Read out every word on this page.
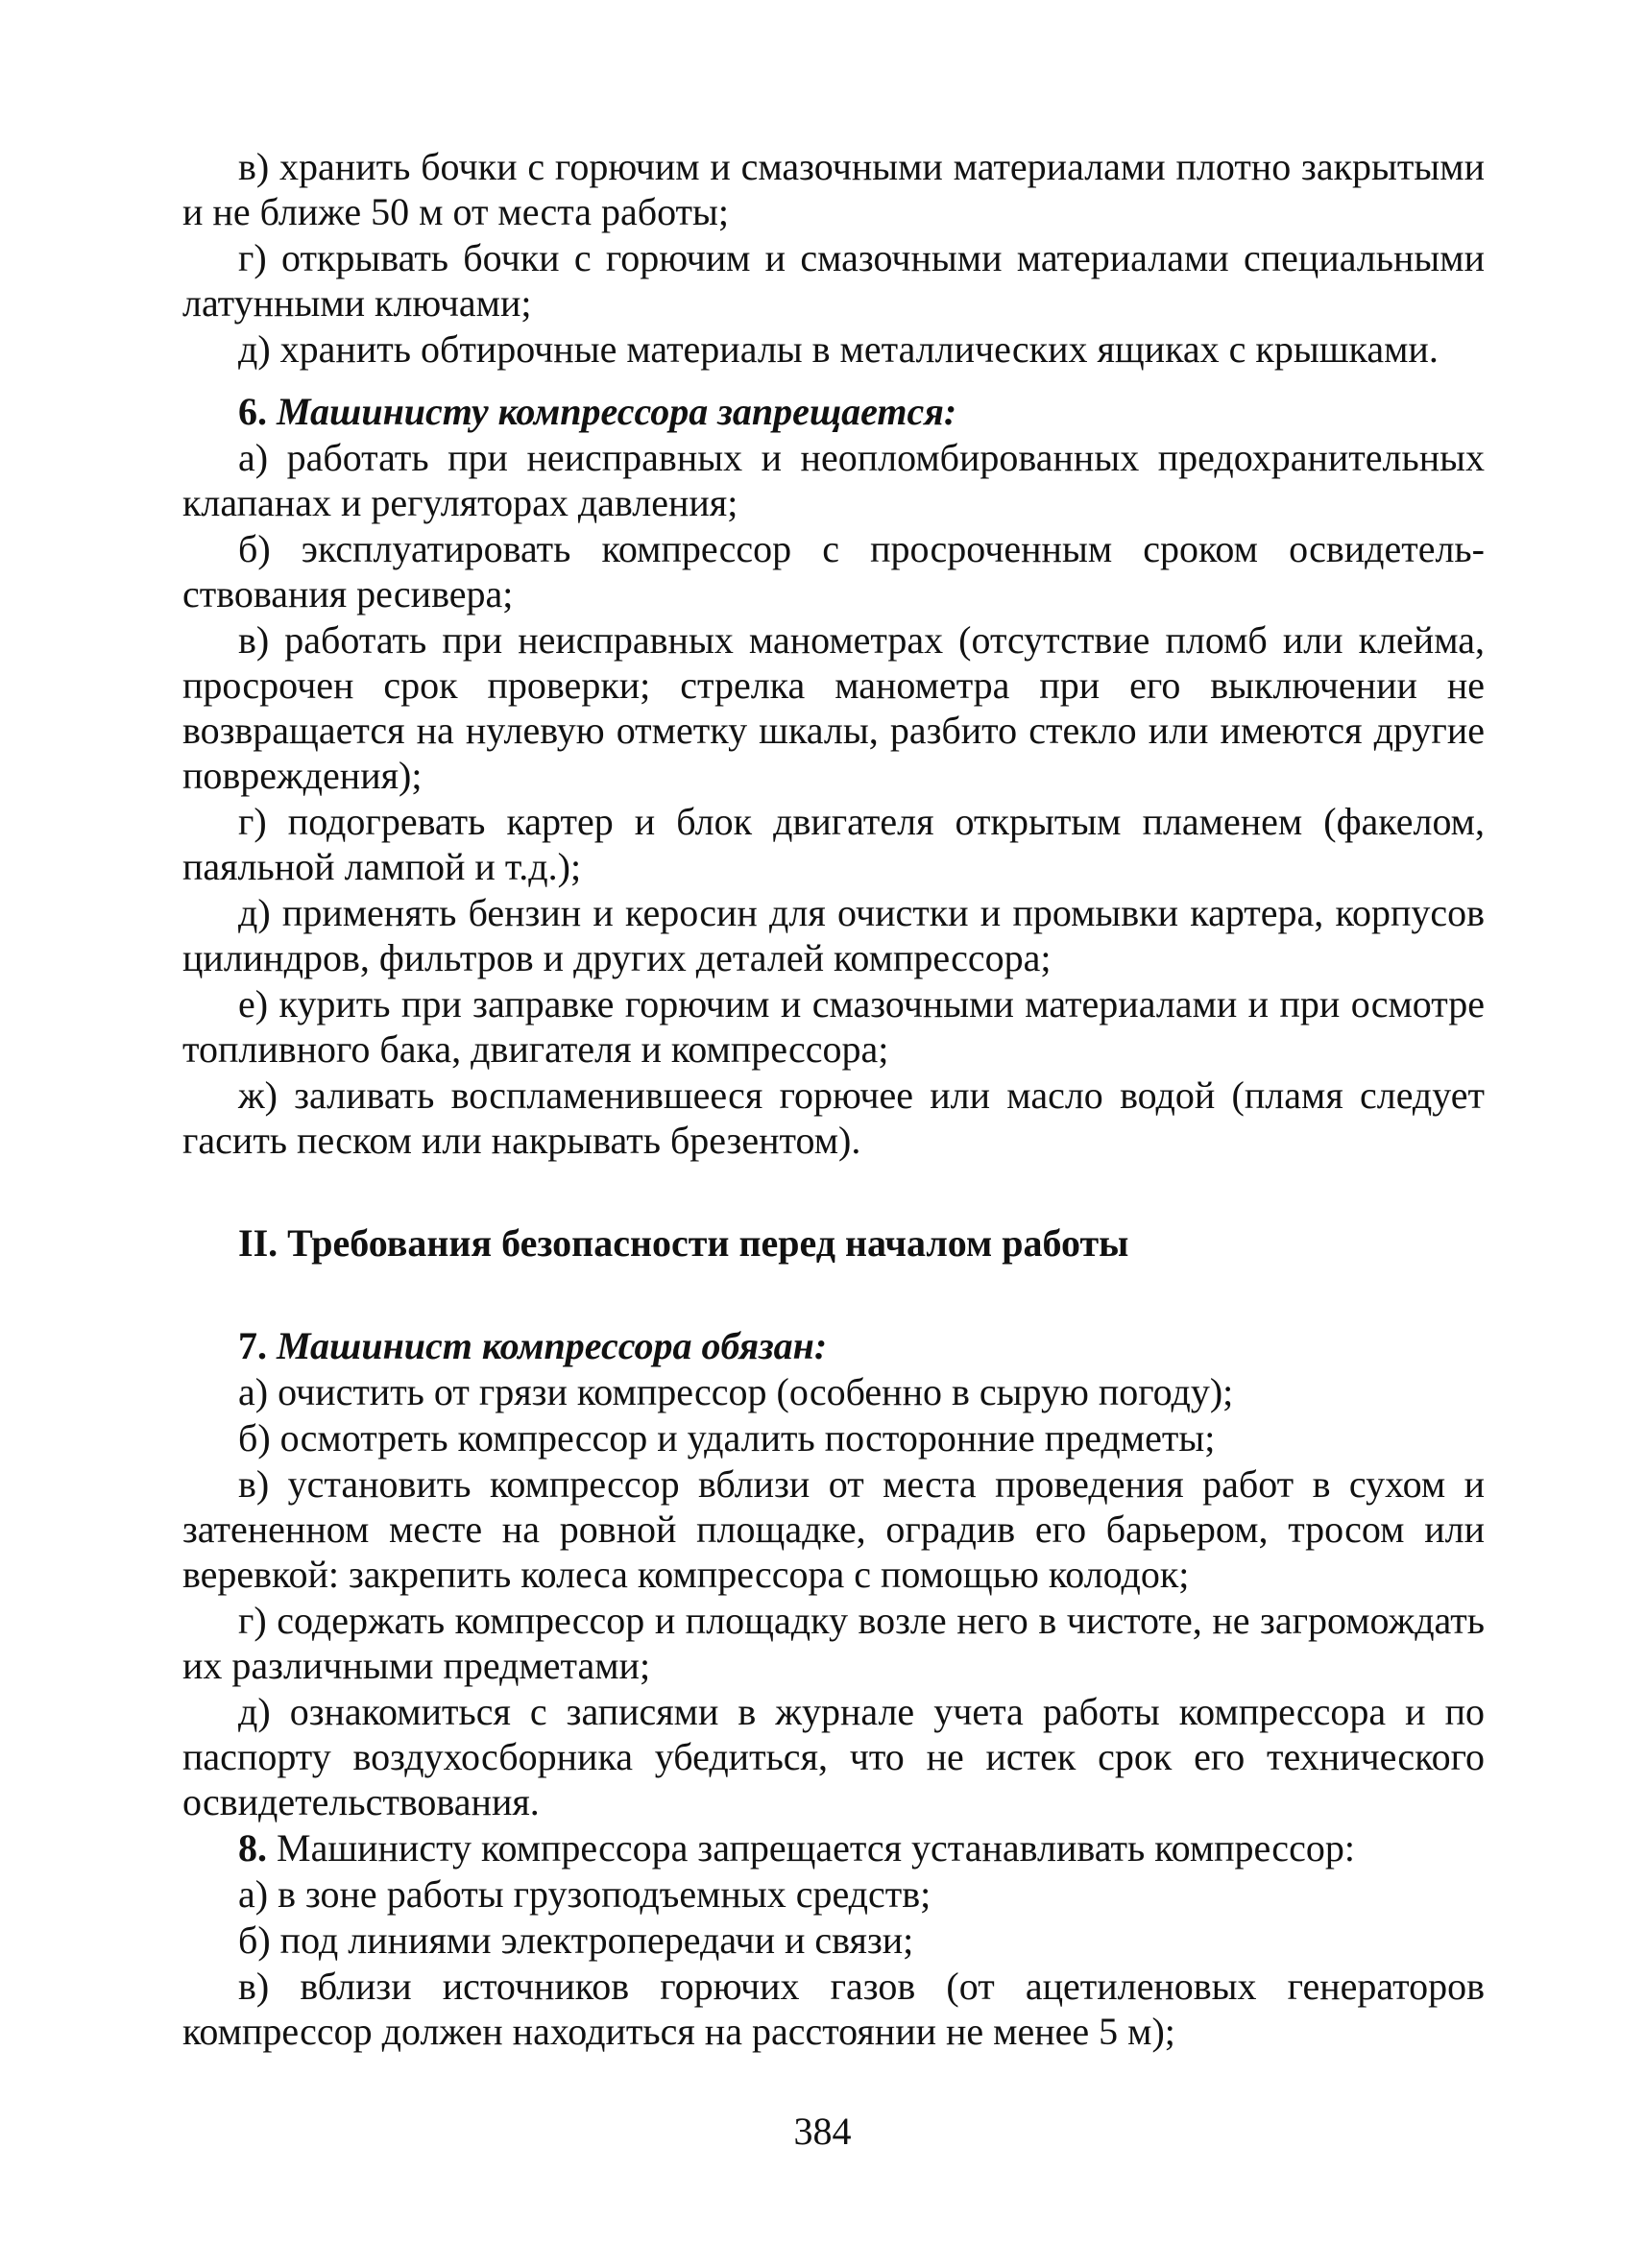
в) хранить бочки с горючим и смазочными материалами плотно закрытыми и не ближе 50 м от места работы;

г) открывать бочки с горючим и смазочными материалами специальными латунными ключами;

д) хранить обтирочные материалы в металлических ящиках с крышками.

6. Машинисту компрессора запрещается:

а) работать при неисправных и неопломбированных предохранительных клапанах и регуляторах давления;

б) эксплуатировать компрессор с просроченным сроком освидетельствования ресивера;

в) работать при неисправных манометрах (отсутствие пломб или клейма, просрочен срок проверки; стрелка манометра при его выключении не возвращается на нулевую отметку шкалы, разбито стекло или имеются другие повреждения);

г) подогревать картер и блок двигателя открытым пламенем (факелом, паяльной лампой и т.д.);

д) применять бензин и керосин для очистки и промывки картера, корпусов цилиндров, фильтров и других деталей компрессора;

е) курить при заправке горючим и смазочными материалами и при осмотре топливного бака, двигателя и компрессора;

ж) заливать воспламенившееся горючее или масло водой (пламя следует гасить песком или накрывать брезентом).

II. Требования безопасности перед началом работы

7. Машинист компрессора обязан:

а) очистить от грязи компрессор (особенно в сырую погоду);

б) осмотреть компрессор и удалить посторонние предметы;

в) установить компрессор вблизи от места проведения работ в сухом и затененном месте на ровной площадке, оградив его барьером, тросом или веревкой: закрепить колеса компрессора с помощью колодок;

г) содержать компрессор и площадку возле него в чистоте, не загромождать их различными предметами;

д) ознакомиться с записями в журнале учета работы компрессора и по паспорту воздухосборника убедиться, что не истек срок его технического освидетельствования.

8. Машинисту компрессора запрещается устанавливать компрессор:

а) в зоне работы грузоподъемных средств;

б) под линиями электропередачи и связи;

в) вблизи источников горючих газов (от ацетиленовых генераторов компрессор должен находиться на расстоянии не менее 5 м);

384
